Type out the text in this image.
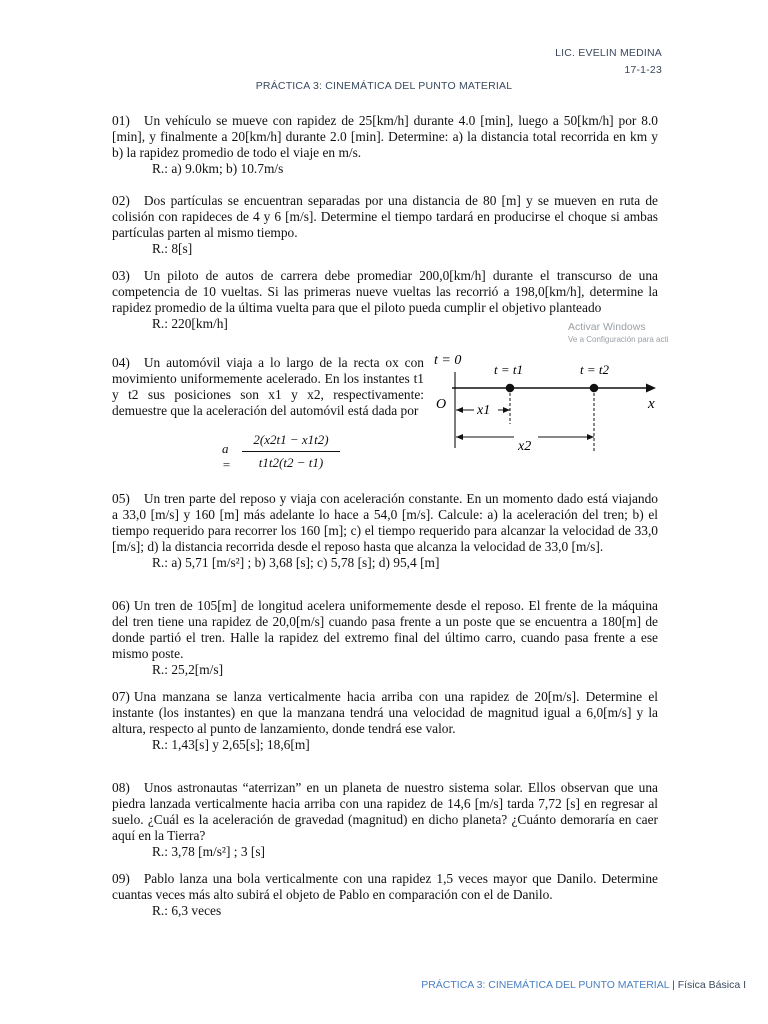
LIC. EVELIN MEDINA
17-1-23
PRÁCTICA 3: CINEMÁTICA DEL PUNTO MATERIAL

01) Un vehículo se mueve con rapidez de 25[km/h] durante 4.0 [min], luego a 50[km/h] por 8.0 [min], y finalmente a 20[km/h] durante 2.0 [min]. Determine: a) la distancia total recorrida en km y b) la rapidez promedio de todo el viaje en m/s.

R.: a) 9.0km; b) 10.7m/s

02) Dos partículas se encuentran separadas por una distancia de 80 [m] y se mueven en ruta de colisión con rapideces de 4 y 6 [m/s]. Determine el tiempo tardará en producirse el choque si ambas partículas parten al mismo tiempo.

R.: 8[s]

03) Un piloto de autos de carrera debe promediar 200,0[km/h] durante el transcurso de una competencia de 10 vueltas. Si las primeras nueve vueltas las recorrió a 198,0[km/h], determine la rapidez promedio de la última vuelta para que el piloto pueda cumplir el objetivo planteado

R.: 220[km/h]	Activar Windows
Ve a Configuración para acti

04) Un automóvil viaja a lo largo de la recta ox con movimiento uniformemente acelerado. En los instantes t1 y t2 sus posiciones son x1 y x2, respectivamente: demuestre que la aceleración del automóvil está dada por

$a = \frac{2(x2t1 - x1t2)}{t1t2(t2 - t1)}$
t = 0
t = t1	t = t2
O	x
x1
x2

05) Un tren parte del reposo y viaja con aceleración constante. En un momento dado está viajando a 33,0 [m/s] y 160 [m] más adelante lo hace a 54,0 [m/s]. Calcule: a) la aceleración del tren; b) el tiempo requerido para recorrer los 160 [m]; c) el tiempo requerido para alcanzar la velocidad de 33,0 [m/s]; d) la distancia recorrida desde el reposo hasta que alcanza la velocidad de 33,0 [m/s].

R.: a) 5,71 [m/s²] ; b) 3,68 [s]; c) 5,78 [s]; d) 95,4 [m]

06) Un tren de 105[m] de longitud acelera uniformemente desde el reposo. El frente de la máquina del tren tiene una rapidez de 20,0[m/s] cuando pasa frente a un poste que se encuentra a 180[m] de donde partió el tren. Halle la rapidez del extremo final del último carro, cuando pasa frente a ese mismo poste.

R.: 25,2[m/s]

07) Una manzana se lanza verticalmente hacia arriba con una rapidez de 20[m/s]. Determine el instante (los instantes) en que la manzana tendrá una velocidad de magnitud igual a 6,0[m/s] y la altura, respecto al punto de lanzamiento, donde tendrá ese valor.

R.: 1,43[s] y 2,65[s]; 18,6[m]

08) Unos astronautas “aterrizan” en un planeta de nuestro sistema solar. Ellos observan que una piedra lanzada verticalmente hacia arriba con una rapidez de 14,6 [m/s] tarda 7,72 [s] en regresar al suelo. ¿Cuál es la aceleración de gravedad (magnitud) en dicho planeta? ¿Cuánto demoraría en caer aquí en la Tierra?

R.: 3,78 [m/s²] ; 3 [s]

09) Pablo lanza una bola verticalmente con una rapidez 1,5 veces mayor que Danilo. Determine cuantas veces más alto subirá el objeto de Pablo en comparación con el de Danilo.

R.: 6,3 veces

PRÁCTICA 3: CINEMÁTICA DEL PUNTO MATERIAL | Física Básica I
